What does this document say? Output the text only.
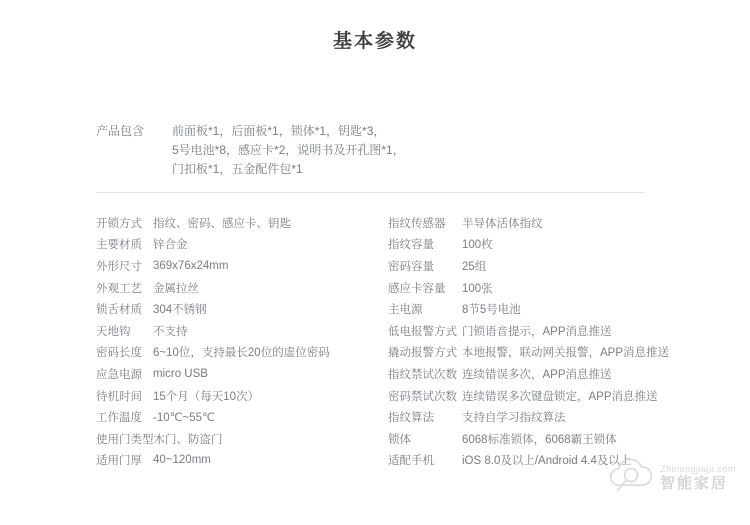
基本参数
产品包含	前面板*1，后面板*1，锁体*1，钥匙*3，
5号电池*8，感应卡*2，说明书及开孔图*1，
门扣板*1，五金配件包*1
开锁方式 指纹、密码、感应卡、钥匙
主要材质 锌合金
外形尺寸 369x76x24mm
外观工艺 金属拉丝
锁舌材质 304不锈钢
天地钩	不支持
密码长度 6~10位，支持最长20位的虚位密码
应急电源 micro USB
待机时间 15个月（每天10次）
工作温度 -10℃~55℃
使用门类型 木门、防盗门
适用门厚 40~120mm
指纹传感器	半导体活体指纹
指纹容量	100枚
密码容量	25组
感应卡容量	100张
主电源	8节5号电池
低电报警方式 门锁语音提示，APP消息推送
撬动报警方式 本地报警，联动网关报警，APP消息推送
指纹禁试次数 连续错误多次，APP消息推送
密码禁试次数 连续错误多次键盘锁定，APP消息推送
指纹算法	支持自学习指纹算法
锁体	6068标准锁体，6068霸王锁体
适配手机	iOS 8.0及以上/Android 4.4及以上
Zhinengjiaju.com
智能家居
